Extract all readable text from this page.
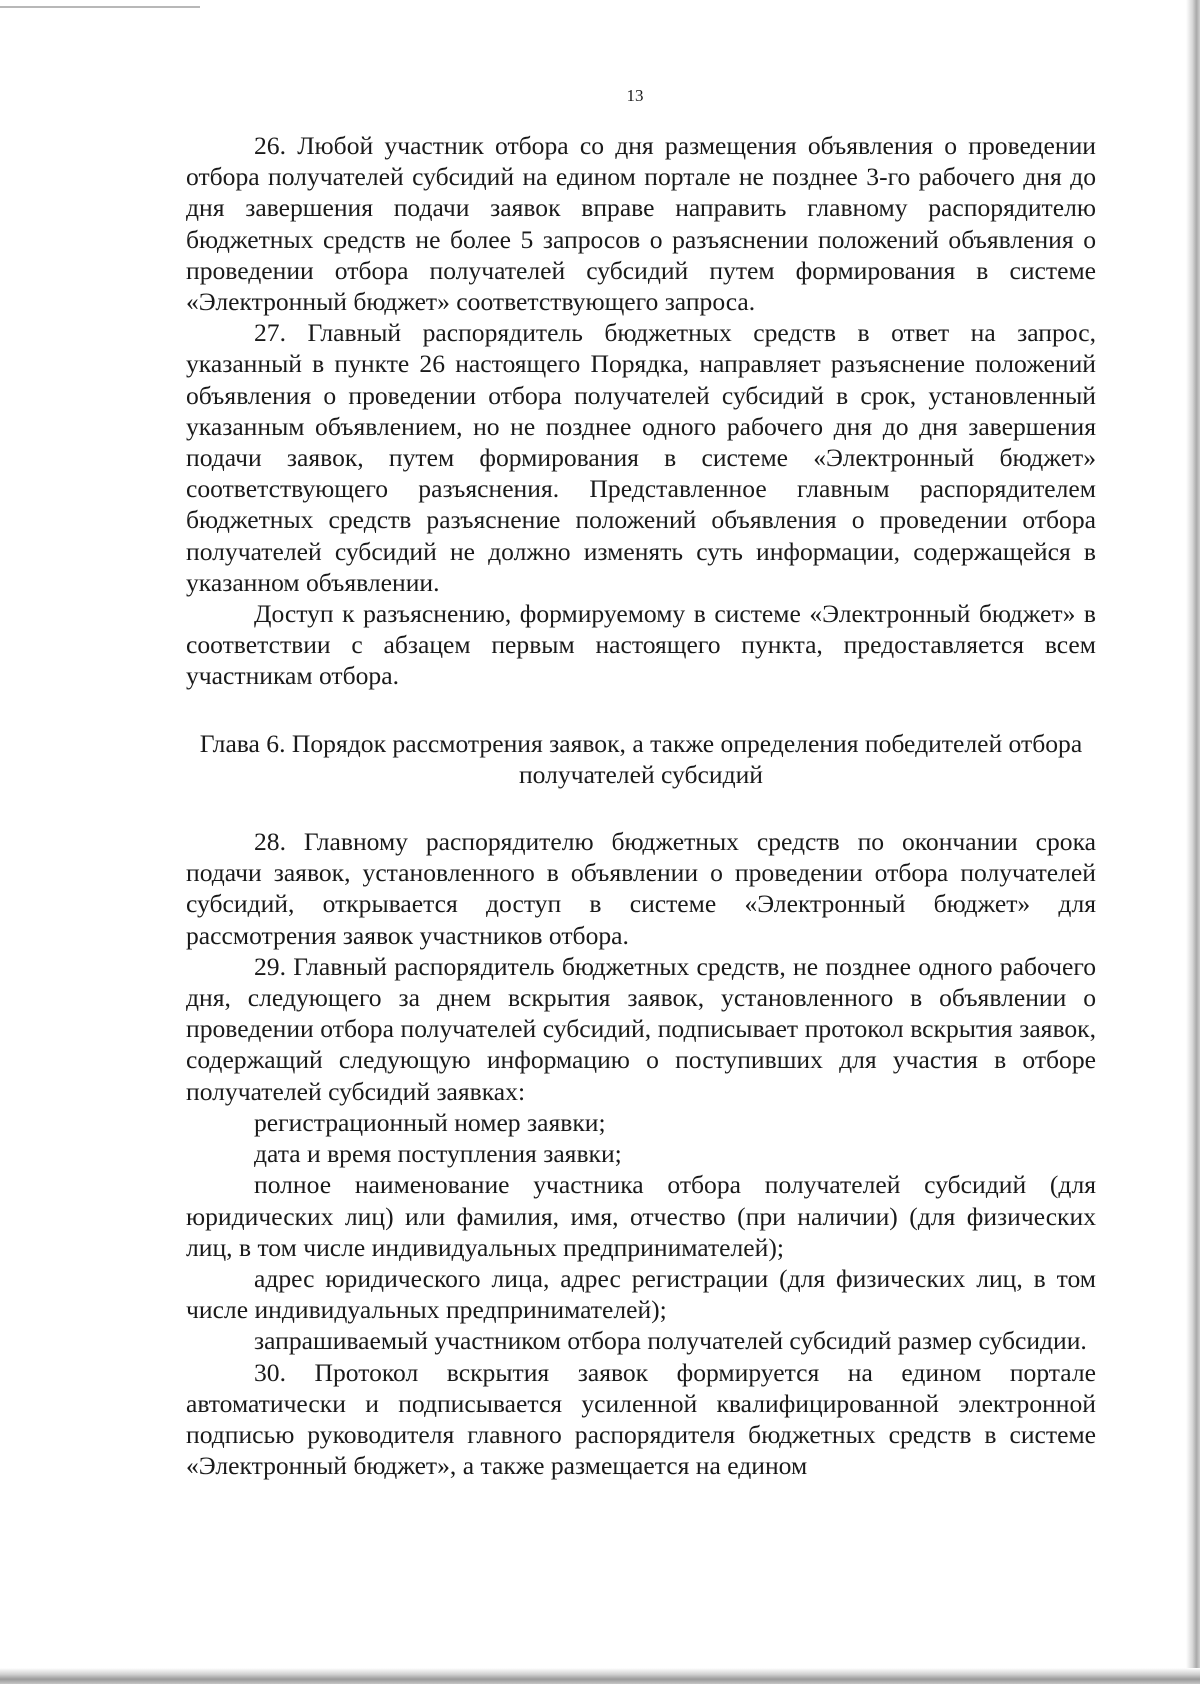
13

26. Любой участник отбора со дня размещения объявления о проведении отбора получателей субсидий на едином портале не позднее 3-го рабочего дня до дня завершения подачи заявок вправе направить главному распорядителю бюджетных средств не более 5 запросов о разъяснении положений объявления о проведении отбора получателей субсидий путем формирования в системе «Электронный бюджет» соответствующего запроса.

27. Главный распорядитель бюджетных средств в ответ на запрос, указанный в пункте 26 настоящего Порядка, направляет разъяснение положений объявления о проведении отбора получателей субсидий в срок, установленный указанным объявлением, но не позднее одного рабочего дня до дня завершения подачи заявок, путем формирования в системе «Электронный бюджет» соответствующего разъяснения. Представленное главным распорядителем бюджетных средств разъяснение положений объявления о проведении отбора получателей субсидий не должно изменять суть информации, содержащейся в указанном объявлении.

Доступ к разъяснению, формируемому в системе «Электронный бюджет» в соответствии с абзацем первым настоящего пункта, предоставляется всем участникам отбора.

Глава 6. Порядок рассмотрения заявок, а также определения победителей отбора получателей субсидий

28. Главному распорядителю бюджетных средств по окончании срока подачи заявок, установленного в объявлении о проведении отбора получателей субсидий, открывается доступ в системе «Электронный бюджет» для рассмотрения заявок участников отбора.

29. Главный распорядитель бюджетных средств, не позднее одного рабочего дня, следующего за днем вскрытия заявок, установленного в объявлении о проведении отбора получателей субсидий, подписывает протокол вскрытия заявок, содержащий следующую информацию о поступивших для участия в отборе получателей субсидий заявках:

регистрационный номер заявки;

дата и время поступления заявки;

полное наименование участника отбора получателей субсидий (для юридических лиц) или фамилия, имя, отчество (при наличии) (для физических лиц, в том числе индивидуальных предпринимателей);

адрес юридического лица, адрес регистрации (для физических лиц, в том числе индивидуальных предпринимателей);

запрашиваемый участником отбора получателей субсидий размер субсидии.

30. Протокол вскрытия заявок формируется на едином портале автоматически и подписывается усиленной квалифицированной электронной подписью руководителя главного распорядителя бюджетных средств в системе «Электронный бюджет», а также размещается на едином
